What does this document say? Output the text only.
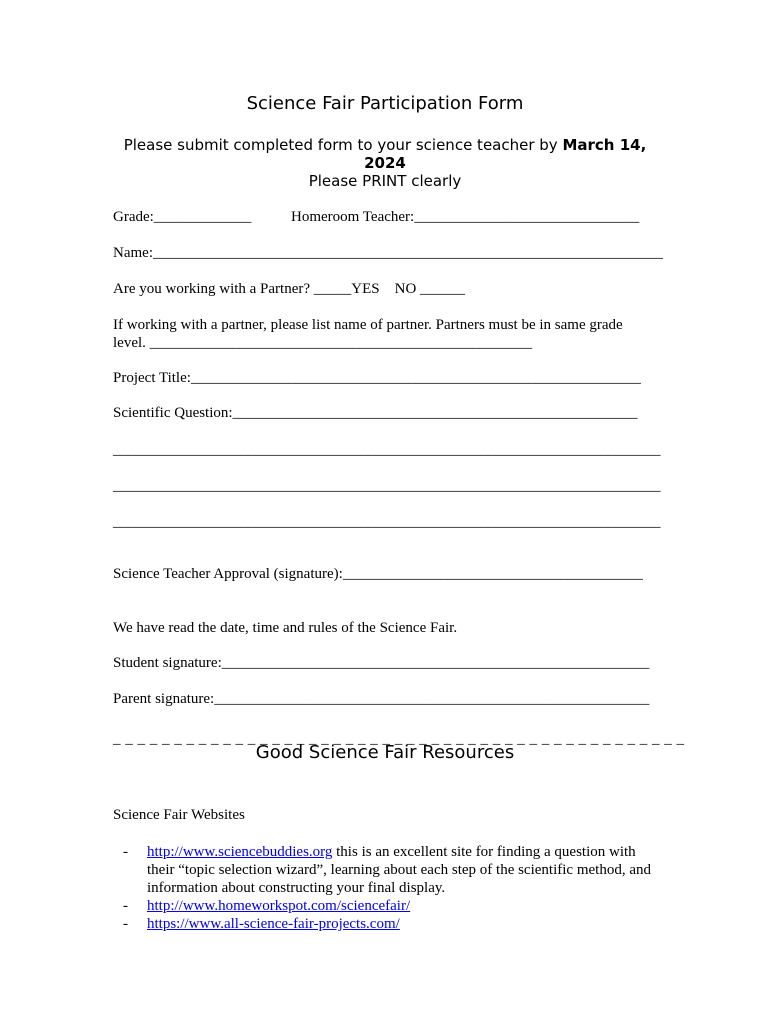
Science Fair Participation Form
Please submit completed form to your science teacher by March 14, 2024
Please PRINT clearly
Grade:_____________	Homeroom Teacher:______________________________
Name:____________________________________________________________________
Are you working with a Partner? _____YES    NO ______
If working with a partner, please list name of partner. Partners must be in same grade level. ___________________________________________________
Project Title:____________________________________________________________
Scientific Question:______________________________________________________
_________________________________________________________________________
_________________________________________________________________________
_________________________________________________________________________
Science Teacher Approval (signature):________________________________________
We have read the date, time and rules of the Science Fair.
Student signature:_________________________________________________________
Parent signature:__________________________________________________________
_ _ _ _ _ _ _ _ _ _ _ _ _ _ _ _ _ _ _ _ _ _ _ _ _ _ _ _ _ _ _ _ _ _ _ _ _ _ _ _ _ _ _ _ _ _ _
Good Science Fair Resources
Science Fair Websites
- http://www.sciencebuddies.org this is an excellent site for finding a question with their “topic selection wizard”, learning about each step of the scientific method, and information about constructing your final display.
- http://www.homeworkspot.com/sciencefair/
- https://www.all-science-fair-projects.com/
